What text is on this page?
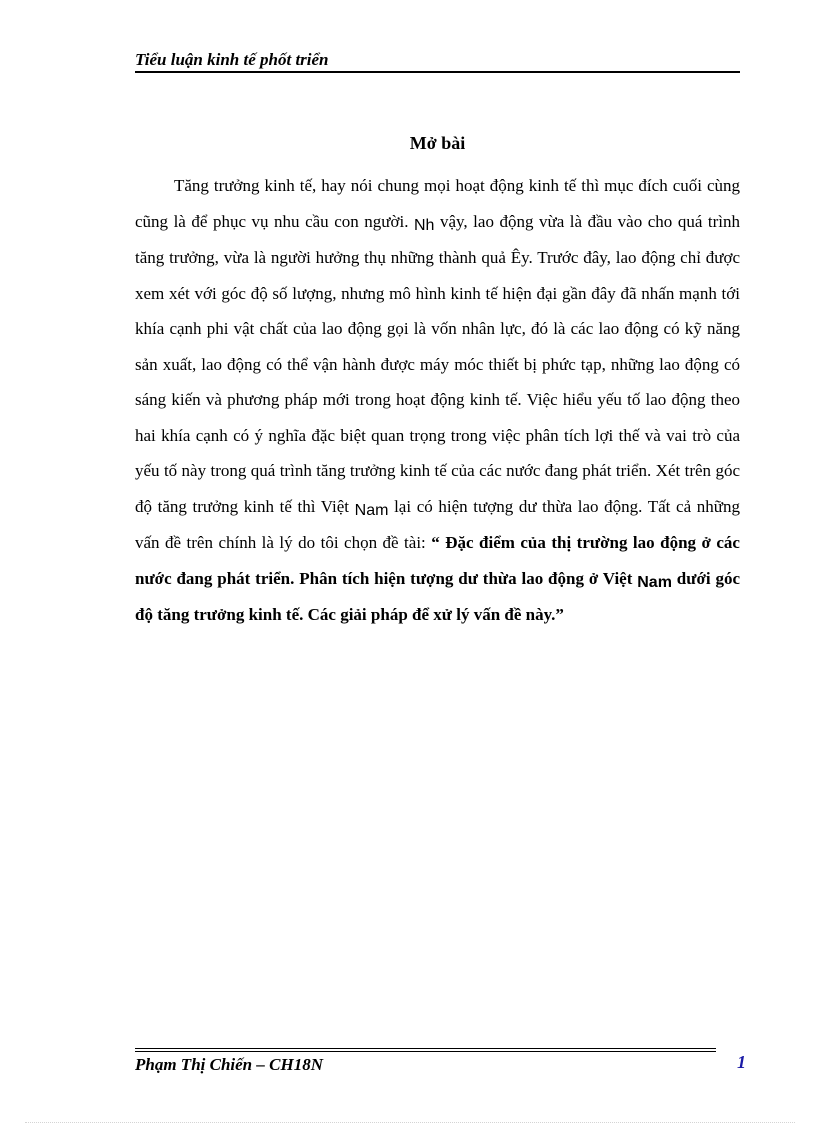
Tiểu luận kinh tế phốt triển
Mở bài

Tăng trưởng kinh tế, hay nói chung mọi hoạt động kinh tế thì mục đích cuối cùng cũng là để phục vụ nhu cầu con người. Nh vậy, lao động vừa là đầu vào cho quá trình tăng trưởng, vừa là người hưởng thụ những thành quả Êy. Trước đây, lao động chỉ được xem xét với góc độ số lượng, nhưng mô hình kinh tế hiện đại gần đây đã nhấn mạnh tới khía cạnh phi vật chất của lao động gọi là vốn nhân lực, đó là các lao động có kỹ năng sản xuất, lao động có thể vận hành được máy móc thiết bị phức tạp, những lao động có sáng kiến và phương pháp mới trong hoạt động kinh tế. Việc hiểu yếu tố lao động theo hai khía cạnh có ý nghĩa đặc biệt quan trọng trong việc phân tích lợi thế và vai trò của yếu tố này trong quá trình tăng trưởng kinh tế của các nước đang phát triển. Xét trên góc độ tăng trưởng kinh tế thì Việt Nam lại có hiện tượng dư thừa lao động. Tất cả những vấn đề trên chính là lý do tôi chọn đề tài: “ Đặc điểm của thị trường lao động ở các nước đang phát triển. Phân tích hiện tượng dư thừa lao động ở Việt Nam dưới góc độ tăng trưởng kinh tế. Các giải pháp để xử lý vấn đề này.”

Phạm Thị Chiến – CH18N	1
